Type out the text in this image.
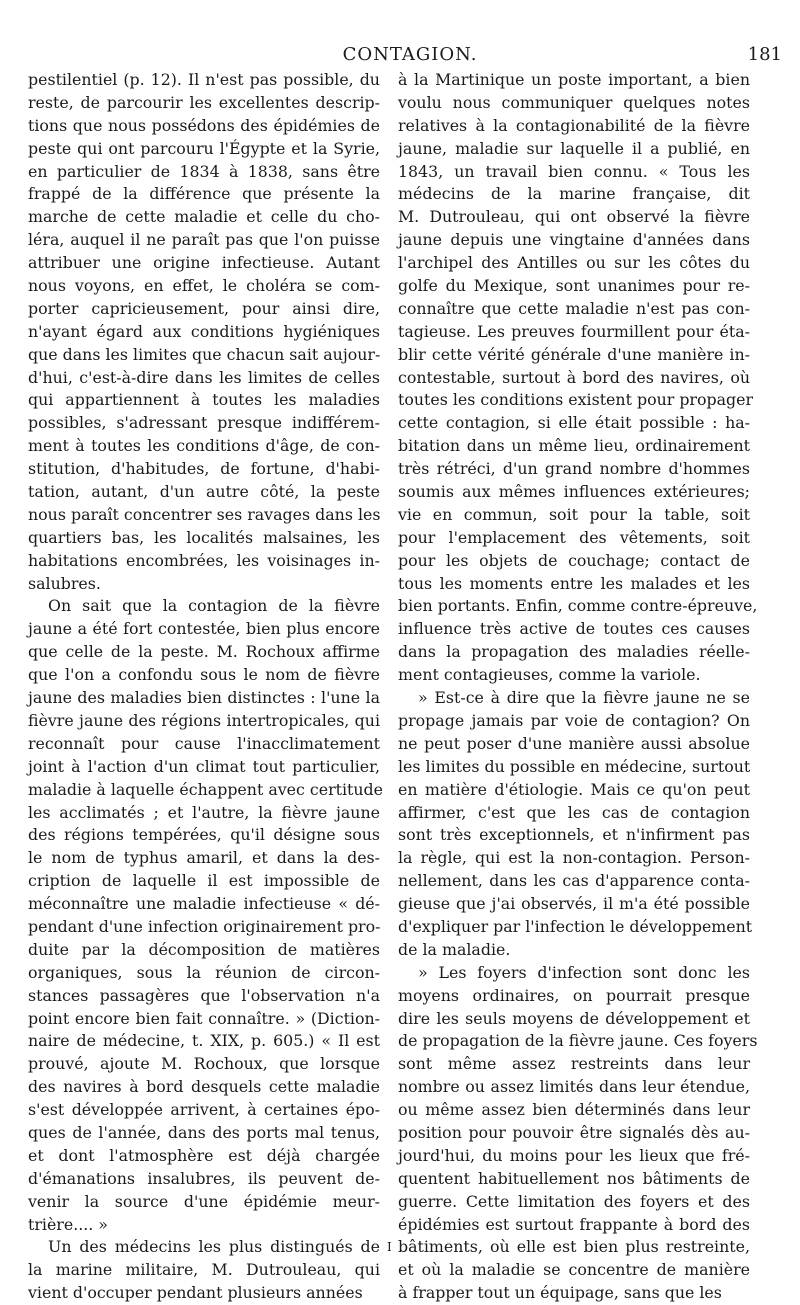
CONTAGION.	181
pestilentiel (p. 12). Il n'est pas possible, du
reste, de parcourir les excellentes descrip-
tions que nous possédons des épidémies de
peste qui ont parcouru l'Égypte et la Syrie,
en particulier de 1834 à 1838, sans être
frappé de la différence que présente la
marche de cette maladie et celle du cho-
léra, auquel il ne paraît pas que l'on puisse
attribuer une origine infectieuse. Autant
nous voyons, en effet, le choléra se com-
porter capricieusement, pour ainsi dire,
n'ayant égard aux conditions hygiéniques
que dans les limites que chacun sait aujour-
d'hui, c'est-à-dire dans les limites de celles
qui appartiennent à toutes les maladies
possibles, s'adressant presque indifférem-
ment à toutes les conditions d'âge, de con-
stitution, d'habitudes, de fortune, d'habi-
tation, autant, d'un autre côté, la peste
nous paraît concentrer ses ravages dans les
quartiers bas, les localités malsaines, les
habitations encombrées, les voisinages in-
salubres.
On sait que la contagion de la fièvre
jaune a été fort contestée, bien plus encore
que celle de la peste. M. Rochoux affirme
que l'on a confondu sous le nom de fièvre
jaune des maladies bien distinctes : l'une la
fièvre jaune des régions intertropicales, qui
reconnaît pour cause l'inacclimatement
joint à l'action d'un climat tout particulier,
maladie à laquelle échappent avec certitude
les acclimatés ; et l'autre, la fièvre jaune
des régions tempérées, qu'il désigne sous
le nom de typhus amaril, et dans la des-
cription de laquelle il est impossible de
méconnaître une maladie infectieuse « dé-
pendant d'une infection originairement pro-
duite par la décomposition de matières
organiques, sous la réunion de circon-
stances passagères que l'observation n'a
point encore bien fait connaître. » (Diction-
naire de médecine, t. XIX, p. 605.) « Il est
prouvé, ajoute M. Rochoux, que lorsque
des navires à bord desquels cette maladie
s'est développée arrivent, à certaines épo-
ques de l'année, dans des ports mal tenus,
et dont l'atmosphère est déjà chargée
d'émanations insalubres, ils peuvent de-
venir la source d'une épidémie meur-
trière.... »
Un des médecins les plus distingués de
la marine militaire, M. Dutrouleau, qui
vient d'occuper pendant plusieurs années
à la Martinique un poste important, a bien
voulu nous communiquer quelques notes
relatives à la contagionabilité de la fièvre
jaune, maladie sur laquelle il a publié, en
1843, un travail bien connu. « Tous les
médecins de la marine française, dit
M. Dutrouleau, qui ont observé la fièvre
jaune depuis une vingtaine d'années dans
l'archipel des Antilles ou sur les côtes du
golfe du Mexique, sont unanimes pour re-
connaître que cette maladie n'est pas con-
tagieuse. Les preuves fourmillent pour éta-
blir cette vérité générale d'une manière in-
contestable, surtout à bord des navires, où
toutes les conditions existent pour propager
cette contagion, si elle était possible : ha-
bitation dans un même lieu, ordinairement
très rétréci, d'un grand nombre d'hommes
soumis aux mêmes influences extérieures;
vie en commun, soit pour la table, soit
pour l'emplacement des vêtements, soit
pour les objets de couchage; contact de
tous les moments entre les malades et les
bien portants. Enfin, comme contre-épreuve,
influence très active de toutes ces causes
dans la propagation des maladies réelle-
ment contagieuses, comme la variole.
» Est-ce à dire que la fièvre jaune ne se
propage jamais par voie de contagion? On
ne peut poser d'une manière aussi absolue
les limites du possible en médecine, surtout
en matière d'étiologie. Mais ce qu'on peut
affirmer, c'est que les cas de contagion
sont très exceptionnels, et n'infirment pas
la règle, qui est la non-contagion. Person-
nellement, dans les cas d'apparence conta-
gieuse que j'ai observés, il m'a été possible
d'expliquer par l'infection le développement
de la maladie.
» Les foyers d'infection sont donc les
moyens ordinaires, on pourrait presque
dire les seuls moyens de développement et
de propagation de la fièvre jaune. Ces foyers
sont même assez restreints dans leur
nombre ou assez limités dans leur étendue,
ou même assez bien déterminés dans leur
position pour pouvoir être signalés dès au-
jourd'hui, du moins pour les lieux que fré-
quentent habituellement nos bâtiments de
guerre. Cette limitation des foyers et des
épidémies est surtout frappante à bord des
bâtiments, où elle est bien plus restreinte,
et où la maladie se concentre de manière
à frapper tout un équipage, sans que les
I
